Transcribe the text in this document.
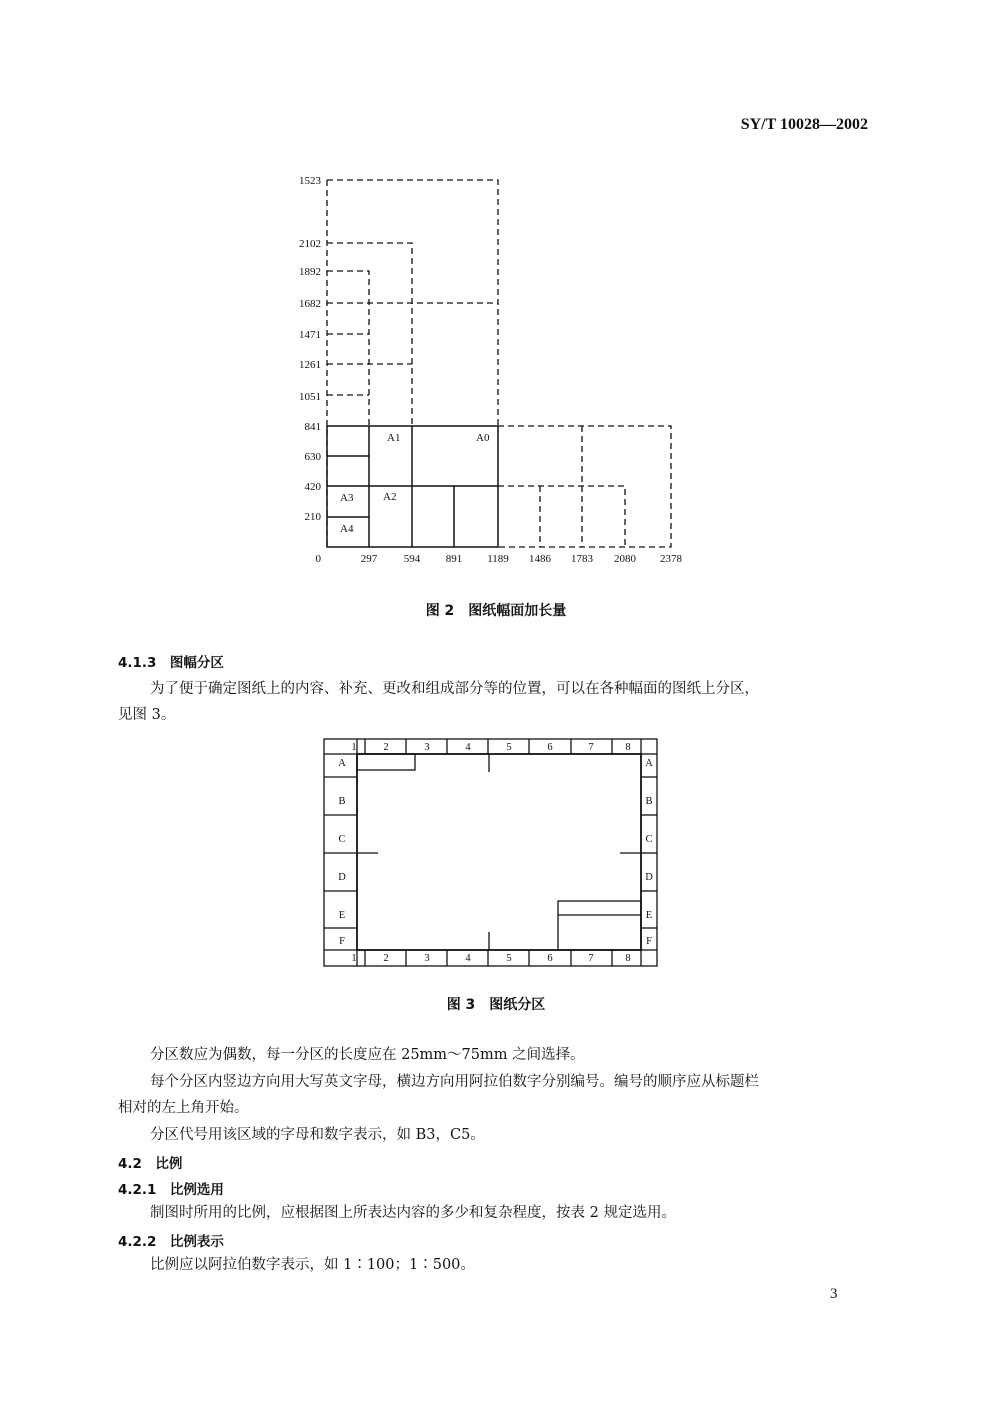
SY/T 10028—2002
1523
2102
1892
1682
1471
1261
1051
841
630
420
210
0	297 594 891 1189 1486 1783 2080 2378
A1	A0
A3	A2
A4
图 2　图纸幅面加长量
4.1.3　图幅分区
为了便于确定图纸上的内容、补充、更改和组成部分等的位置，可以在各种幅面的图纸上分区，
见图 3。
1	2	3	4	5	6	7	8
1	2	3	4	5	6	7	8
A
B
C
D
E
F
A
B
C
D
E
F
图 3　图纸分区
分区数应为偶数，每一分区的长度应在 25mm～75mm 之间选择。
每个分区内竖边方向用大写英文字母，横边方向用阿拉伯数字分别编号。编号的顺序应从标题栏
相对的左上角开始。
分区代号用该区域的字母和数字表示，如 B3，C5。
4.2　比例
4.2.1　比例选用
制图时所用的比例，应根据图上所表达内容的多少和复杂程度，按表 2 规定选用。
4.2.2　比例表示
比例应以阿拉伯数字表示，如 1∶100；1∶500。
3
